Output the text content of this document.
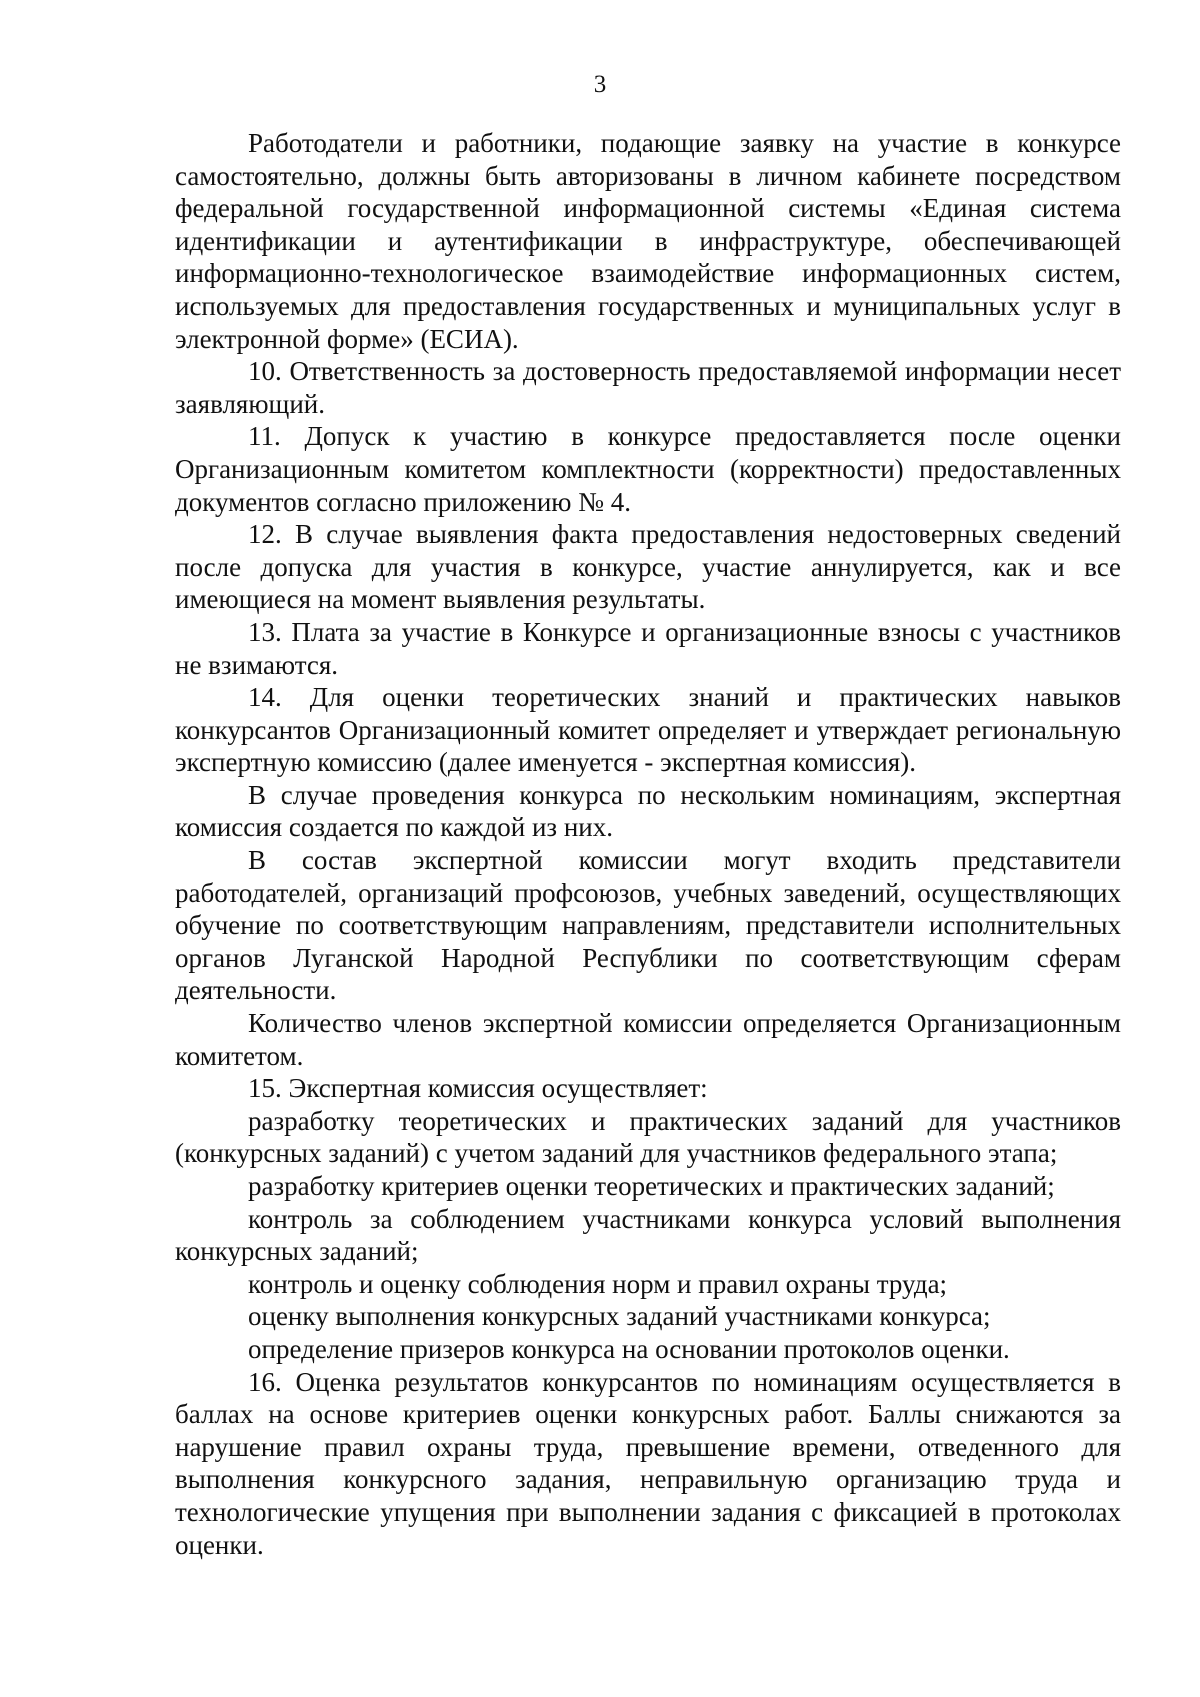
3

Работодатели и работники, подающие заявку на участие в конкурсе самостоятельно, должны быть авторизованы в личном кабинете посредством федеральной государственной информационной системы «Единая система идентификации и аутентификации в инфраструктуре, обеспечивающей информационно-технологическое взаимодействие информационных систем, используемых для предоставления государственных и муниципальных услуг в электронной форме» (ЕСИА).

10. Ответственность за достоверность предоставляемой информации несет заявляющий.

11. Допуск к участию в конкурсе предоставляется после оценки Организационным комитетом комплектности (корректности) предоставленных документов согласно приложению № 4.

12. В случае выявления факта предоставления недостоверных сведений после допуска для участия в конкурсе, участие аннулируется, как и все имеющиеся на момент выявления результаты.

13. Плата за участие в Конкурсе и организационные взносы с участников не взимаются.

14. Для оценки теоретических знаний и практических навыков конкурсантов Организационный комитет определяет и утверждает региональную экспертную комиссию (далее именуется - экспертная комиссия).

В случае проведения конкурса по нескольким номинациям, экспертная комиссия создается по каждой из них.

В состав экспертной комиссии могут входить представители работодателей, организаций профсоюзов, учебных заведений, осуществляющих обучение по соответствующим направлениям, представители исполнительных органов Луганской Народной Республики по соответствующим сферам деятельности.

Количество членов экспертной комиссии определяется Организационным комитетом.

15. Экспертная комиссия осуществляет:

разработку теоретических и практических заданий для участников (конкурсных заданий) с учетом заданий для участников федерального этапа;

разработку критериев оценки теоретических и практических заданий;

контроль за соблюдением участниками конкурса условий выполнения конкурсных заданий;

контроль и оценку соблюдения норм и правил охраны труда;

оценку выполнения конкурсных заданий участниками конкурса;

определение призеров конкурса на основании протоколов оценки.

16. Оценка результатов конкурсантов по номинациям осуществляется в баллах на основе критериев оценки конкурсных работ. Баллы снижаются за нарушение правил охраны труда, превышение времени, отведенного для выполнения конкурсного задания, неправильную организацию труда и технологические упущения при выполнении задания с фиксацией в протоколах оценки.
